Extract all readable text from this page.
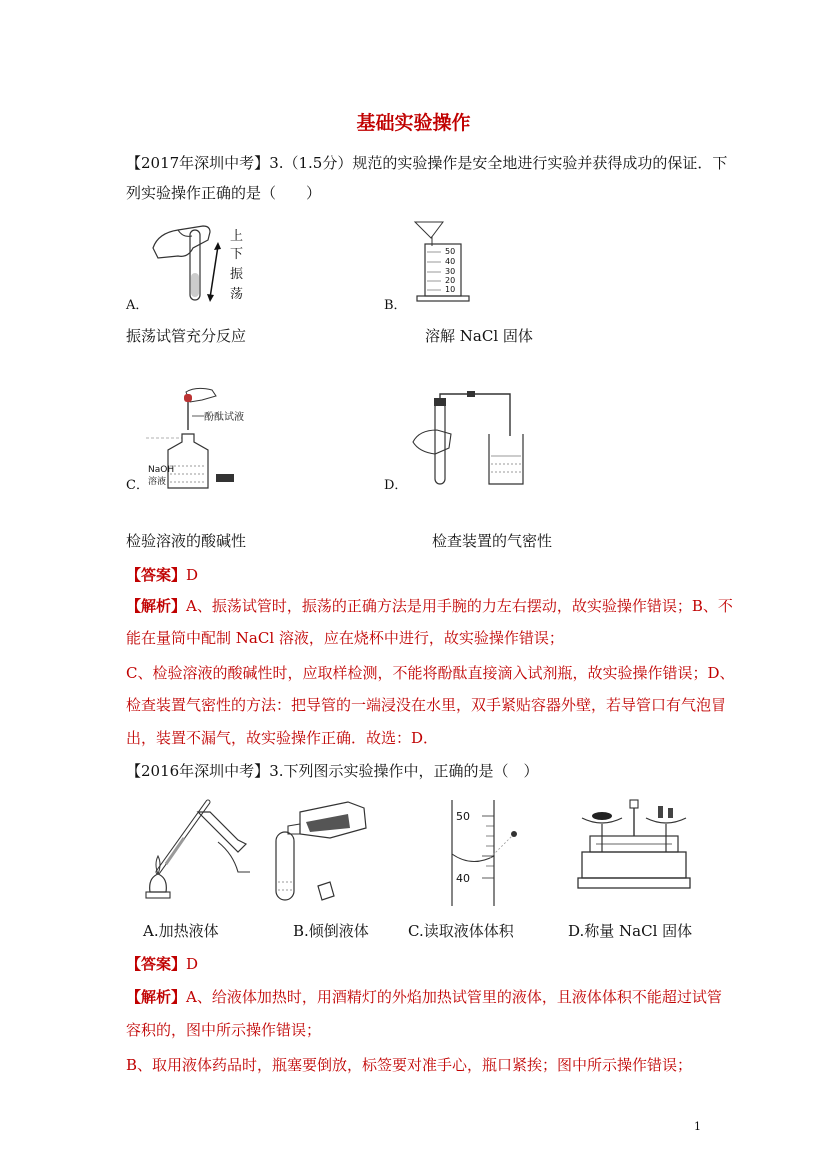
基础实验操作
【2017年深圳中考】3.（1.5分）规范的实验操作是安全地进行实验并获得成功的保证．下
列实验操作正确的是（　　）
上
下
振
荡
A．
50
40
30
20
10
B．
振荡试管充分反应	溶解 NaCl 固体
酚酞试液
NaOH
溶液
C．	D．
检验溶液的酸碱性	检查装置的气密性
【答案】D
【解析】A、振荡试管时，振荡的正确方法是用手腕的力左右摆动，故实验操作错误；B、不
能在量筒中配制 NaCl 溶液，应在烧杯中进行，故实验操作错误；
C、检验溶液的酸碱性时，应取样检测，不能将酚酞直接滴入试剂瓶，故实验操作错误；D、
检查装置气密性的方法：把导管的一端浸没在水里，双手紧贴容器外壁，若导管口有气泡冒
出，装置不漏气，故实验操作正确．故选：D．
【2016年深圳中考】3.下列图示实验操作中，正确的是（　）
A.加热液体	B.倾倒液体
50
40
C.读取液体体积	D.称量 NaCl 固体
【答案】D
【解析】A、给液体加热时，用酒精灯的外焰加热试管里的液体，且液体体积不能超过试管
容积的，图中所示操作错误；
B、取用液体药品时，瓶塞要倒放，标签要对准手心，瓶口紧挨；图中所示操作错误；
1
